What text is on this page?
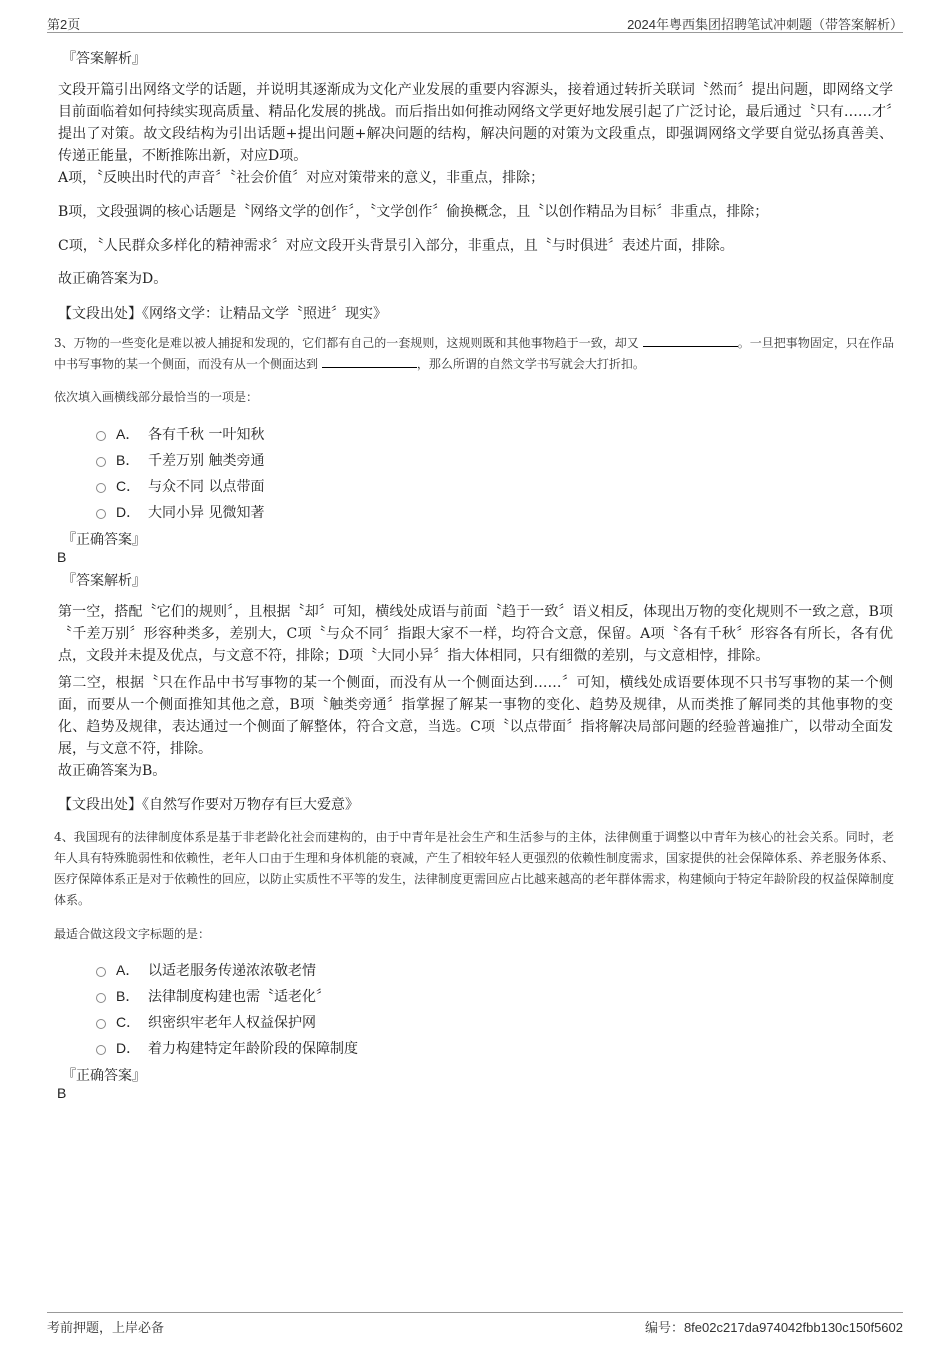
第2页	2024年粤西集团招聘笔试冲刺题（带答案解析）
『答案解析』
文段开篇引出网络文学的话题，并说明其逐渐成为文化产业发展的重要内容源头，接着通过转折关联词〝然而〞提出问题，即网络文学目前面临着如何持续实现高质量、精品化发展的挑战。而后指出如何推动网络文学更好地发展引起了广泛讨论，最后通过〝只有……才〞提出了对策。故文段结构为引出话题+提出问题+解决问题的结构，解决问题的对策为文段重点，即强调网络文学要自觉弘扬真善美、传递正能量，不断推陈出新，对应D项。
A项，〝反映出时代的声音〞〝社会价值〞对应对策带来的意义，非重点，排除；
B项，文段强调的核心话题是〝网络文学的创作〞，〝文学创作〞偷换概念，且〝以创作精品为目标〞非重点，排除；
C项，〝人民群众多样化的精神需求〞对应文段开头背景引入部分，非重点，且〝与时俱进〞表述片面，排除。
故正确答案为D。
【文段出处】《网络文学：让精品文学〝照进〞现实》
3、万物的一些变化是难以被人捕捉和发现的，它们都有自己的一套规则，这规则既和其他事物趋于一致，却又	。一旦把事物固定，只在作品中书写事物的某一个侧面，而没有从一个侧面达到	，那么所谓的自然文学书写就会大打折扣。
依次填入画横线部分最恰当的一项是：
A． 各有千秋 一叶知秋
B． 千差万别 触类旁通
C． 与众不同 以点带面
D． 大同小异 见微知著
『正确答案』
B
『答案解析』
第一空，搭配〝它们的规则〞，且根据〝却〞可知，横线处成语与前面〝趋于一致〞语义相反，体现出万物的变化规则不一致之意，B项〝千差万别〞形容种类多，差别大，C项〝与众不同〞指跟大家不一样，均符合文意，保留。A项〝各有千秋〞形容各有所长，各有优点，文段并未提及优点，与文意不符，排除；D项〝大同小异〞指大体相同，只有细微的差别，与文意相悖，排除。
第二空，根据〝只在作品中书写事物的某一个侧面，而没有从一个侧面达到……〞可知，横线处成语要体现不只书写事物的某一个侧面，而要从一个侧面推知其他之意，B项〝触类旁通〞指掌握了解某一事物的变化、趋势及规律，从而类推了解同类的其他事物的变化、趋势及规律，表达通过一个侧面了解整体，符合文意，当选。C项〝以点带面〞指将解决局部问题的经验普遍推广，以带动全面发展，与文意不符，排除。
故正确答案为B。
【文段出处】《自然写作要对万物存有巨大爱意》
4、我国现有的法律制度体系是基于非老龄化社会而建构的，由于中青年是社会生产和生活参与的主体，法律侧重于调整以中青年为核心的社会关系。同时，老年人具有特殊脆弱性和依赖性，老年人口由于生理和身体机能的衰减，产生了相较年轻人更强烈的依赖性制度需求，国家提供的社会保障体系、养老服务体系、医疗保障体系正是对于依赖性的回应，以防止实质性不平等的发生，法律制度更需回应占比越来越高的老年群体需求，构建倾向于特定年龄阶段的权益保障制度体系。
最适合做这段文字标题的是：
A． 以适老服务传递浓浓敬老情
B． 法律制度构建也需〝适老化〞
C． 织密织牢老年人权益保护网
D． 着力构建特定年龄阶段的保障制度
『正确答案』
B
考前押题，上岸必备	编号：8fe02c217da974042fbb130c150f5602
